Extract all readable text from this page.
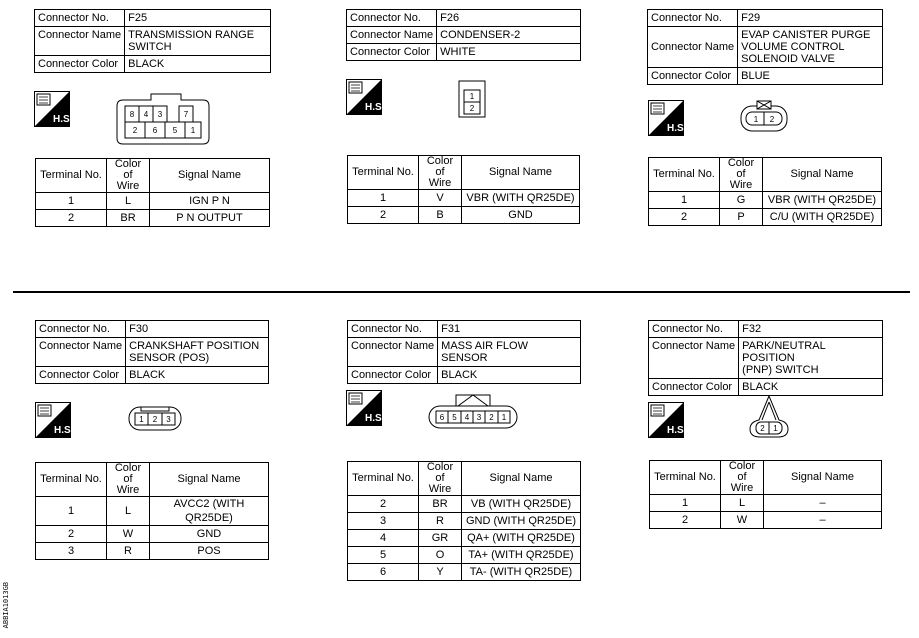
Connector No.	F25
Connector Name	TRANSMISSION RANGE
SWITCH
Connector Color	BLACK
H.S.	8 4 3	7
2 6 5 1
Terminal No.	Color of
Wire	Signal Name
1	L	IGN P N
2	BR	P N OUTPUT
Connector No.	F26
Connector Name	CONDENSER-2
Connector Color	WHITE
H.S.
1
2
Terminal No.	Color of
Wire	Signal Name
1	V	VBR (WITH QR25DE)
2	B	GND
Connector No.	F29
Connector Name	EVAP CANISTER PURGE
VOLUME CONTROL
SOLENOID VALVE
Connector Color	BLUE
H.S.
1 2
Terminal No.	Color of
Wire	Signal Name
1	G	VBR (WITH QR25DE)
2	P	C/U (WITH QR25DE)
Connector No.	F30
Connector Name	CRANKSHAFT POSITION
SENSOR (POS)
Connector Color	BLACK
H.S.
1 2 3
Terminal No.	Color of
Wire	Signal Name
1	L	AVCC2 (WITH QR25DE)
2	W	GND
3	R	POS
Connector No.	F31
Connector Name	MASS AIR FLOW SENSOR
Connector Color	BLACK
H.S.	6 5 4 3 2 1
Terminal No.	Color of
Wire	Signal Name
2	BR	VB (WITH QR25DE)
3	R	GND (WITH QR25DE)
4	GR	QA+ (WITH QR25DE)
5	O	TA+ (WITH QR25DE)
6	Y	TA- (WITH QR25DE)
Connector No.	F32
Connector Name	PARK/NEUTRAL POSITION
(PNP) SWITCH
Connector Color	BLACK
H.S.	2 1
Terminal No.	Color of
Wire	Signal Name
1	L	–
2	W	–
ABBIA1013GB
